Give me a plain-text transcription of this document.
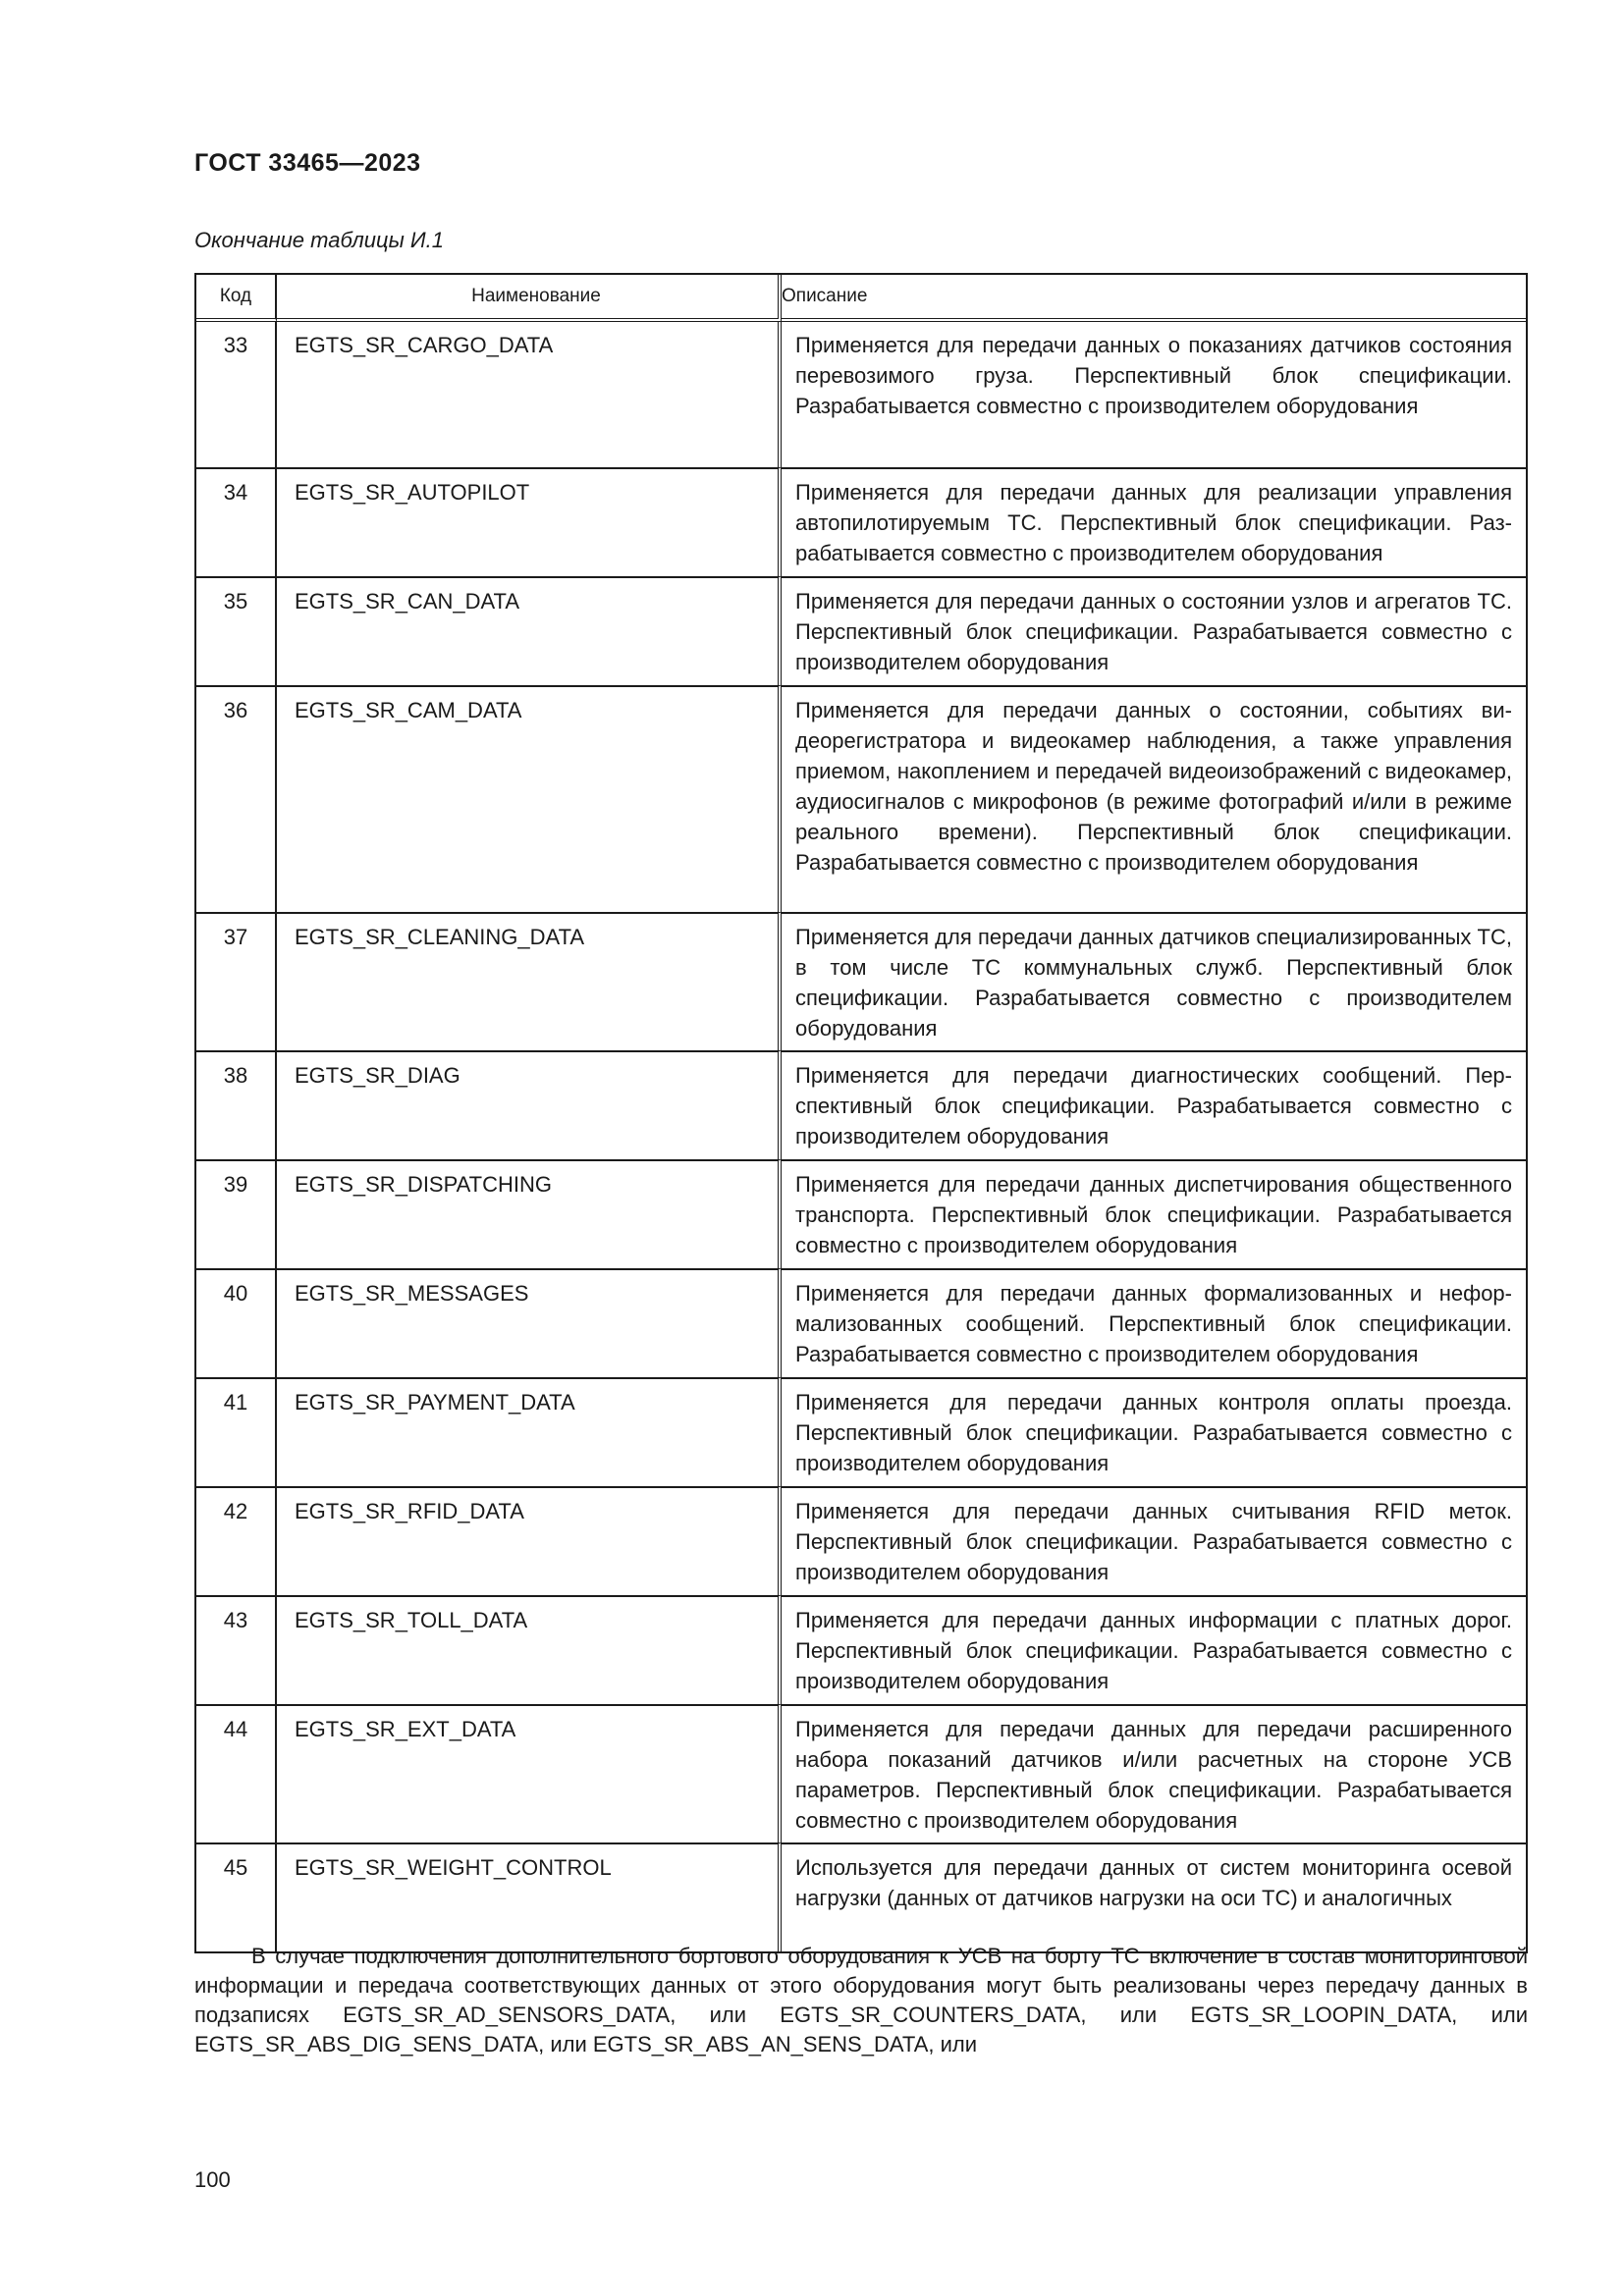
ГОСТ 33465—2023
Окончание таблицы И.1
Код	Наименование	Описание
33	EGTS_SR_CARGO_DATA	Применяется для передачи данных о показаниях датчиков состояния перевозимого груза. Перспективный блок спецификации. Разрабатывается совместно с производителем оборудования
34	EGTS_SR_AUTOPILOT	Применяется для передачи данных для реализации управления автопилотируемым ТС. Перспективный блок спецификации. Разрабатывается совместно с производителем оборудования
35	EGTS_SR_CAN_DATA	Применяется для передачи данных о состоянии узлов и агрегатов ТС. Перспективный блок спецификации. Разрабатывается совместно с производителем оборудования
36	EGTS_SR_CAM_DATA	Применяется для передачи данных о состоянии, событиях видеорегистратора и видеокамер наблюдения, а также управления приемом, накоплением и передачей видеоизображений с видеокамер, аудиосигналов с микрофонов (в режиме фотографий и/или в режиме реального времени). Перспективный блок спецификации. Разрабатывается совместно с производителем оборудования
37	EGTS_SR_CLEANING_DATA	Применяется для передачи данных датчиков специализированных ТС, в том числе ТС коммунальных служб. Перспективный блок спецификации. Разрабатывается совместно с производителем оборудования
38	EGTS_SR_DIAG	Применяется для передачи диагностических сообщений. Перспективный блок спецификации. Разрабатывается совместно с производителем оборудования
39	EGTS_SR_DISPATCHING	Применяется для передачи данных диспетчирования общественного транспорта. Перспективный блок спецификации. Разрабатывается совместно с производителем оборудования
40	EGTS_SR_MESSAGES	Применяется для передачи данных формализованных и неформализованных сообщений. Перспективный блок спецификации. Разрабатывается совместно с производителем оборудования
41	EGTS_SR_PAYMENT_DATA	Применяется для передачи данных контроля оплаты проезда. Перспективный блок спецификации. Разрабатывается совместно с производителем оборудования
42	EGTS_SR_RFID_DATA	Применяется для передачи данных считывания RFID меток. Перспективный блок спецификации. Разрабатывается совместно с производителем оборудования
43	EGTS_SR_TOLL_DATA	Применяется для передачи данных информации с платных дорог. Перспективный блок спецификации. Разрабатывается совместно с производителем оборудования
44	EGTS_SR_EXT_DATA	Применяется для передачи данных для передачи расширенного набора показаний датчиков и/или расчетных на стороне УСВ параметров. Перспективный блок спецификации. Разрабатывается совместно с производителем оборудования
45	EGTS_SR_WEIGHT_CONTROL	Используется для передачи данных от систем мониторинга осевой нагрузки (данных от датчиков нагрузки на оси ТС) и аналогичных
В случае подключения дополнительного бортового оборудования к УСВ на борту ТС включение в состав мониторинговой информации и передача соответствующих данных от этого оборудования могут быть реализованы через передачу данных в подзаписях EGTS_SR_AD_SENSORS_DATA, или EGTS_SR_COUNTERS_DATA, или EGTS_SR_LOOPIN_DATA, или EGTS_SR_ABS_DIG_SENS_DATA, или EGTS_SR_ABS_AN_SENS_DATA, или
100
